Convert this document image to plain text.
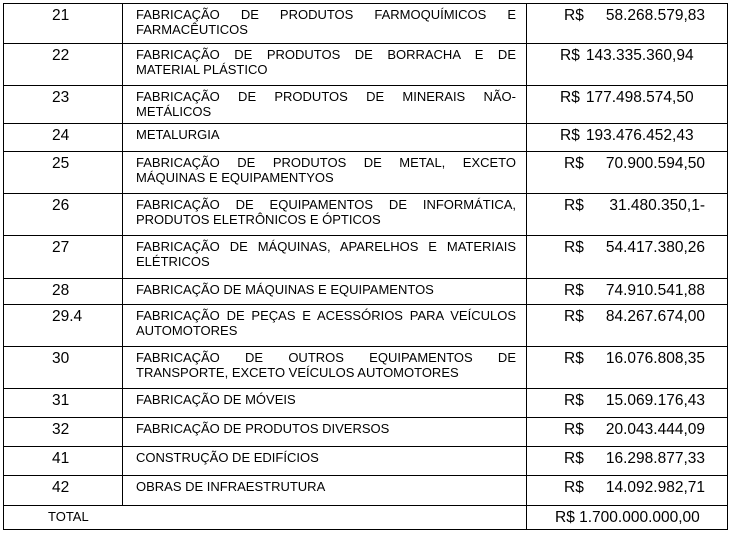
21	FABRICAÇÃO DE PRODUTOS FARMOQUÍMICOS E FARMACÊUTICOS	R$ 58.268.579,83

22	FABRICAÇÃO DE PRODUTOS DE BORRACHA E DE MATERIAL PLÁSTICO	R$ 143.335.360,94

23	FABRICAÇÃO DE PRODUTOS DE MINERAIS NÃO-METÁLICOS	R$ 177.498.574,50

24	METALURGIA	R$ 193.476.452,43

25	FABRICAÇÃO DE PRODUTOS DE METAL, EXCETO MÁQUINAS E EQUIPAMENTYOS	R$ 70.900.594,50

26	FABRICAÇÃO DE EQUIPAMENTOS DE INFORMÁTICA, PRODUTOS ELETRÔNICOS E ÓPTICOS	R$ 31.480.350,1-

27	FABRICAÇÃO DE MÁQUINAS, APARELHOS E MATERIAIS ELÉTRICOS	R$ 54.417.380,26

28	FABRICAÇÃO DE MÁQUINAS E EQUIPAMENTOS	R$ 74.910.541,88

29.4	FABRICAÇÃO DE PEÇAS E ACESSÓRIOS PARA VEÍCULOS AUTOMOTORES	R$ 84.267.674,00

30	FABRICAÇÃO DE OUTROS EQUIPAMENTOS DE TRANSPORTE, EXCETO VEÍCULOS AUTOMOTORES	R$ 16.076.808,35

31	FABRICAÇÃO DE MÓVEIS	R$ 15.069.176,43

32	FABRICAÇÃO DE PRODUTOS DIVERSOS	R$ 20.043.444,09

41	CONSTRUÇÃO DE EDIFÍCIOS	R$ 16.298.877,33

42	OBRAS DE INFRAESTRUTURA	R$ 14.092.982,71

TOTAL		R$ 1.700.000.000,00
